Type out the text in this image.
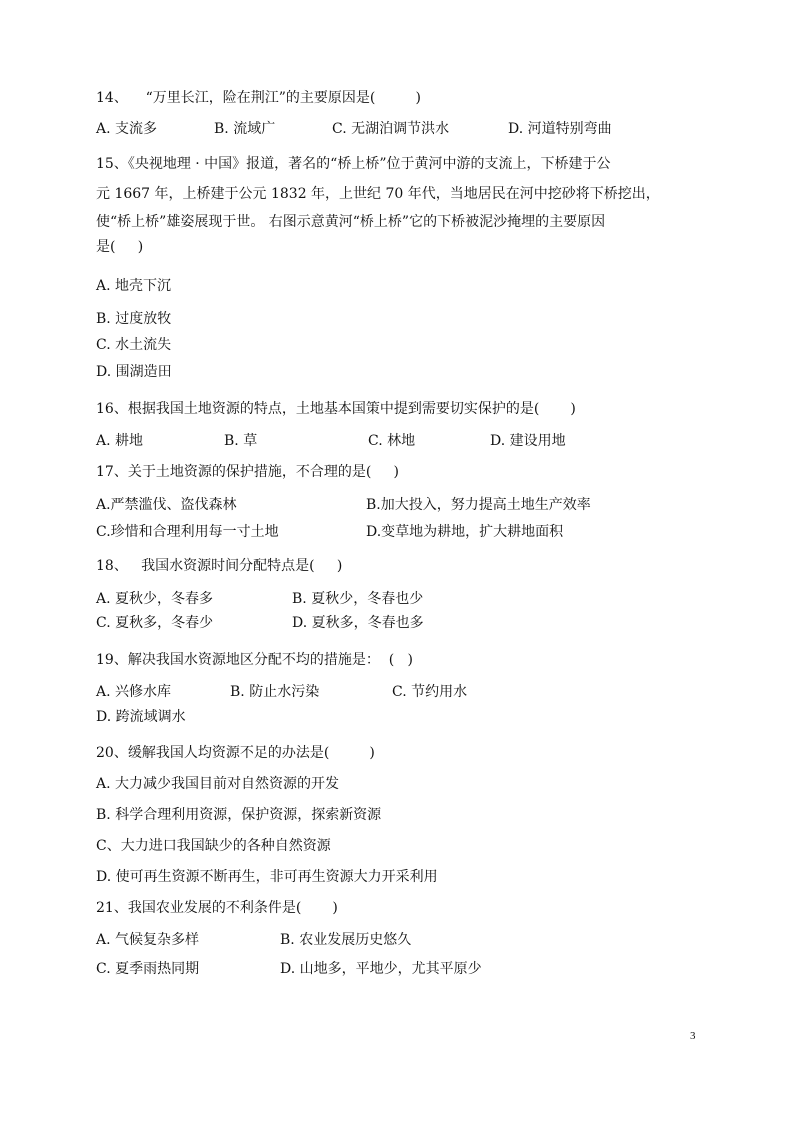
14、    “万里长江，险在荆江”的主要原因是(         )
A. 支流多	B. 流域广	C. 无湖泊调节洪水	D. 河道特别弯曲
15、《央视地理 · 中国》报道，著名的“桥上桥”位于黄河中游的支流上，下桥建于公
元 1667 年，上桥建于公元 1832 年，上世纪 70 年代，当地居民在河中挖砂将下桥挖出，
使“桥上桥”雄姿展现于世。 右图示意黄河“桥上桥”它的下桥被泥沙掩埋的主要原因
是(     )
A. 地壳下沉
B. 过度放牧
C. 水土流失
D. 围湖造田
16、根据我国土地资源的特点，土地基本国策中提到需要切实保护的是(       )
A. 耕地	B. 草	C. 林地	D. 建设用地
17、关于土地资源的保护措施，不合理的是(     )
A.严禁滥伐、盗伐森林	B.加大投入，努力提高土地生产效率
C.珍惜和合理利用每一寸土地	D.变草地为耕地，扩大耕地面积
18、   我国水资源时间分配特点是(     )
A. 夏秋少，冬春多	B. 夏秋少，冬春也少
C. 夏秋多，冬春少	D. 夏秋多，冬春也多
19、解决我国水资源地区分配不均的措施是：  (   )
A. 兴修水库	B. 防止水污染	C. 节约用水
D. 跨流域调水
20、缓解我国人均资源不足的办法是(         )
A. 大力减少我国目前对自然资源的开发
B. 科学合理利用资源，保护资源，探索新资源
C、大力进口我国缺少的各种自然资源
D. 使可再生资源不断再生，非可再生资源大力开采利用
21、我国农业发展的不利条件是(       )
A. 气候复杂多样	B. 农业发展历史悠久
C. 夏季雨热同期	D. 山地多，平地少，尤其平原少
3
